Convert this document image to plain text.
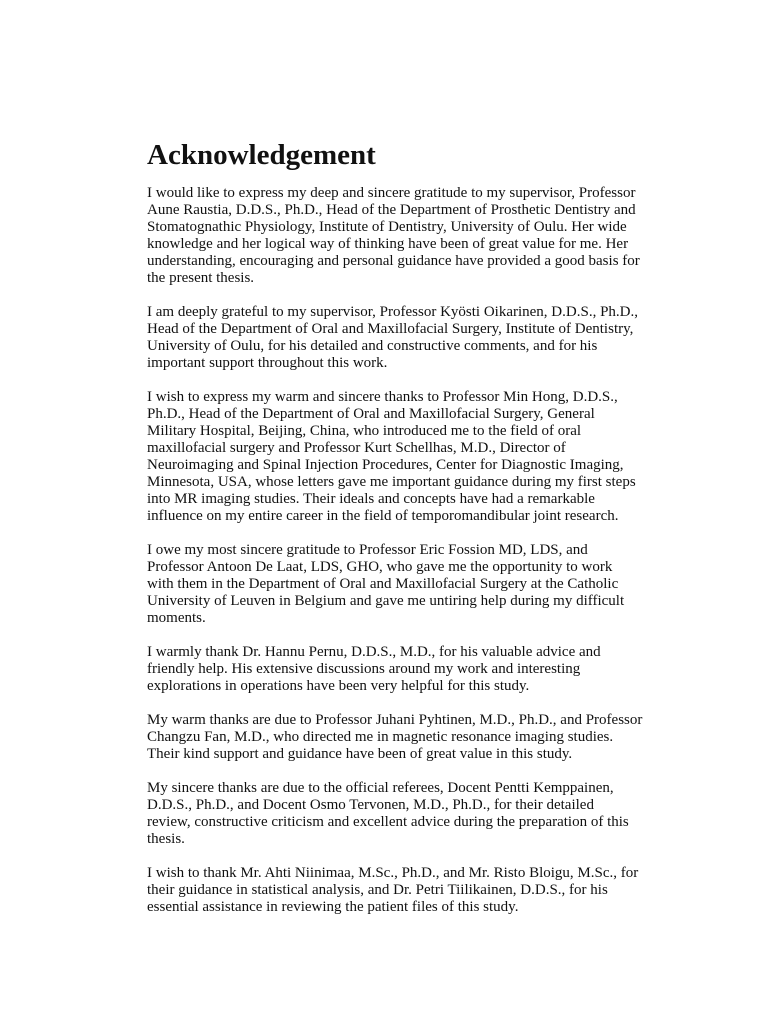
Acknowledgement

I would like to express my deep and sincere gratitude to my supervisor, Professor
Aune Raustia, D.D.S., Ph.D., Head of the Department of Prosthetic Dentistry and
Stomatognathic Physiology, Institute of Dentistry, University of Oulu. Her wide
knowledge and her logical way of thinking have been of great value for me. Her
understanding, encouraging and personal guidance have provided a good basis for
the present thesis.

I am deeply grateful to my supervisor, Professor Kyösti Oikarinen, D.D.S., Ph.D.,
Head of the Department of Oral and Maxillofacial Surgery, Institute of Dentistry,
University of Oulu, for his detailed and constructive comments, and for his
important support throughout this work.

I wish to express my warm and sincere thanks to Professor Min Hong, D.D.S.,
Ph.D., Head of the Department of Oral and Maxillofacial Surgery, General
Military Hospital, Beijing, China, who introduced me to the field of oral
maxillofacial surgery and Professor Kurt Schellhas, M.D., Director of
Neuroimaging and Spinal Injection Procedures, Center for Diagnostic Imaging,
Minnesota, USA, whose letters gave me important guidance during my first steps
into MR imaging studies. Their ideals and concepts have had a remarkable
influence on my entire career in the field of temporomandibular joint research.

I owe my most sincere gratitude to Professor Eric Fossion MD, LDS, and
Professor Antoon De Laat, LDS, GHO, who gave me the opportunity to work
with them in the Department of Oral and Maxillofacial Surgery at the Catholic
University of Leuven in Belgium and gave me untiring help during my difficult
moments.

I warmly thank Dr. Hannu Pernu, D.D.S., M.D., for his valuable advice and
friendly help. His extensive discussions around my work and interesting
explorations in operations have been very helpful for this study.

My warm thanks are due to Professor Juhani Pyhtinen, M.D., Ph.D., and Professor
Changzu Fan, M.D., who directed me in magnetic resonance imaging studies.
Their kind support and guidance have been of great value in this study.

My sincere thanks are due to the official referees, Docent Pentti Kemppainen,
D.D.S., Ph.D., and Docent Osmo Tervonen, M.D., Ph.D., for their detailed
review, constructive criticism and excellent advice during the preparation of this
thesis.

I wish to thank Mr. Ahti Niinimaa, M.Sc., Ph.D., and Mr. Risto Bloigu, M.Sc., for
their guidance in statistical analysis, and Dr. Petri Tiilikainen, D.D.S., for his
essential assistance in reviewing the patient files of this study.
